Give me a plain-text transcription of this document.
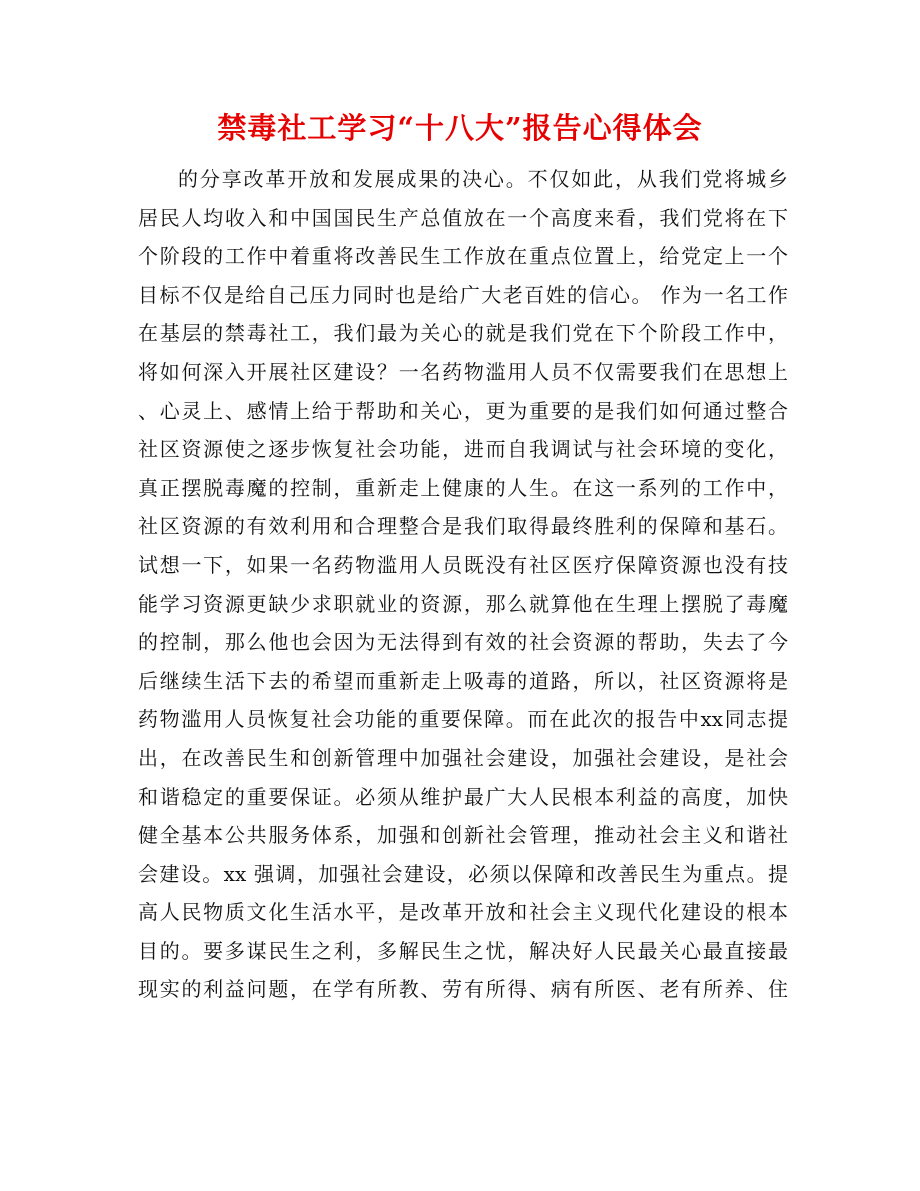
禁毒社工学习“十八大”报告心得体会
的分享改革开放和发展成果的决心。不仅如此，从我们党将城乡
居民人均收入和中国国民生产总值放在一个高度来看，我们党将在下
个阶段的工作中着重将改善民生工作放在重点位置上，给党定上一个
目标不仅是给自己压力同时也是给广大老百姓的信心。 作为一名工作
在基层的禁毒社工，我们最为关心的就是我们党在下个阶段工作中，
将如何深入开展社区建设？一名药物滥用人员不仅需要我们在思想上
、心灵上、感情上给于帮助和关心，更为重要的是我们如何通过整合
社区资源使之逐步恢复社会功能，进而自我调试与社会环境的变化，
真正摆脱毒魔的控制，重新走上健康的人生。在这一系列的工作中，
社区资源的有效利用和合理整合是我们取得最终胜利的保障和基石。
试想一下，如果一名药物滥用人员既没有社区医疗保障资源也没有技
能学习资源更缺少求职就业的资源，那么就算他在生理上摆脱了毒魔
的控制，那么他也会因为无法得到有效的社会资源的帮助，失去了今
后继续生活下去的希望而重新走上吸毒的道路，所以，社区资源将是
药物滥用人员恢复社会功能的重要保障。而在此次的报告中xx同志提
出，在改善民生和创新管理中加强社会建设，加强社会建设，是社会
和谐稳定的重要保证。必须从维护最广大人民根本利益的高度，加快
健全基本公共服务体系，加强和创新社会管理，推动社会主义和谐社
会建设。xx 强调，加强社会建设，必须以保障和改善民生为重点。提
高人民物质文化生活水平，是改革开放和社会主义现代化建设的根本
目的。要多谋民生之利，多解民生之忧，解决好人民最关心最直接最
现实的利益问题，在学有所教、劳有所得、病有所医、老有所养、住
